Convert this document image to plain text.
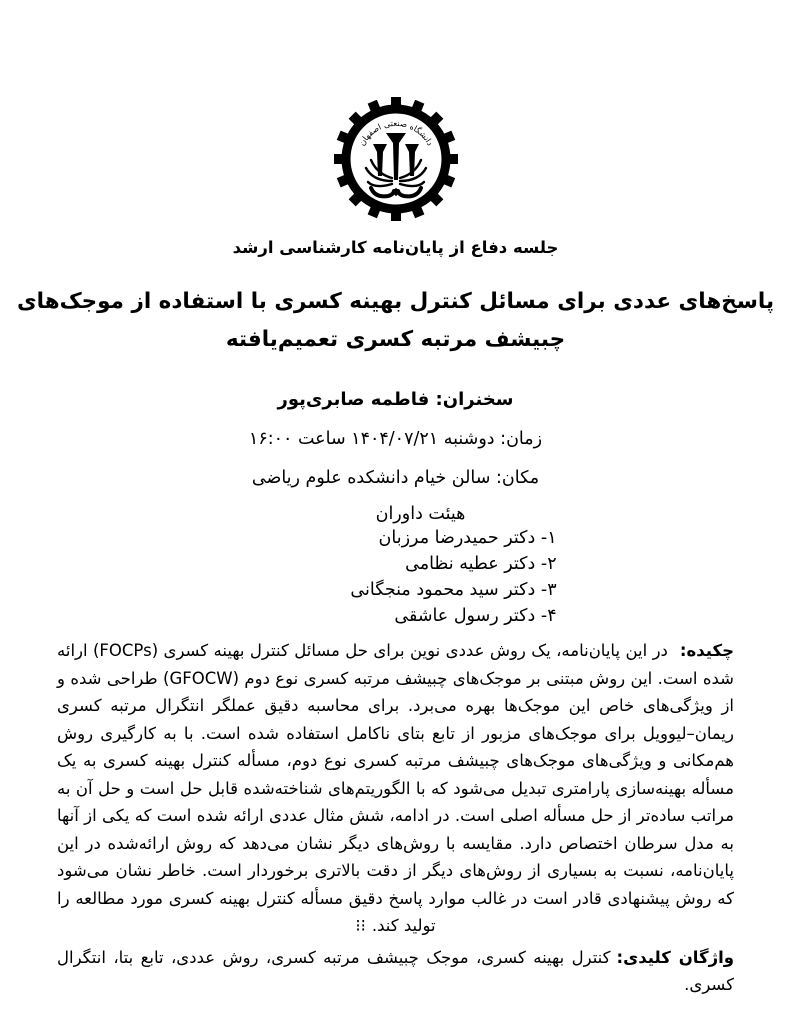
دانشگاه صنعتی اصفهان
جلسه دفاع از پایان‌نامه کارشناسی ارشد
پاسخ‌های عددی برای مسائل کنترل بهینه کسری با استفاده از موجک‌های
چبیشف مرتبه کسری تعمیم‌یافته
سخنران: فاطمه صابری‌پور
زمان: دوشنبه ۱۴۰۴/۰۷/۲۱ ساعت ۱۶:۰۰
مکان: سالن خیام دانشکده علوم ریاضی
هیئت داوران
۱- دکتر حمیدرضا مرزبان
۲- دکتر عطیه نظامی
۳- دکتر سید محمود منجگانی
۴- دکتر رسول عاشقی
چکیده:در این پایان‌نامه، یک روش عددی نوین برای حل مسائل کنترل بهینه کسری (FOCPs) ارائه شده است. این روش مبتنی بر موجک‌های چبیشف مرتبه کسری نوع دوم (GFOCW) طراحی شده و از ویژگی‌های خاص این موجک‌ها بهره می‌برد. برای محاسبه دقیق عملگر انتگرال مرتبه کسری ریمان–لیوویل برای موجک‌های مزبور از تابع بتای ناکامل استفاده شده است. با به کارگیری روش هم‌مکانی و ویژگی‌های موجک‌های چبیشف مرتبه کسری نوع دوم، مسأله کنترل بهینه کسری به یک مسأله بهینه‌سازی پارامتری تبدیل می‌شود که با الگوریتم‌های شناخته‌شده قابل حل است و حل آن به مراتب ساده‌تر از حل مسأله اصلی است. در ادامه، شش مثال عددی ارائه شده است که یکی از آنها به مدل سرطان اختصاص دارد. مقایسه با روش‌های دیگر نشان می‌دهد که روش ارائه‌شده در این پایان‌نامه، نسبت به بسیاری از روش‌های دیگر از دقت بالاتری برخوردار است. خاطر نشان می‌شود که روش پیشنهادی قادر است در غالب موارد پاسخ دقیق مسأله کنترل بهینه کسری مورد مطالعه را تولید کند.⁝⁝
واژگان کلیدی:کنترل بهینه کسری، موجک چبیشف مرتبه کسری، روش عددی، تابع بتا، انتگرال کسری.
